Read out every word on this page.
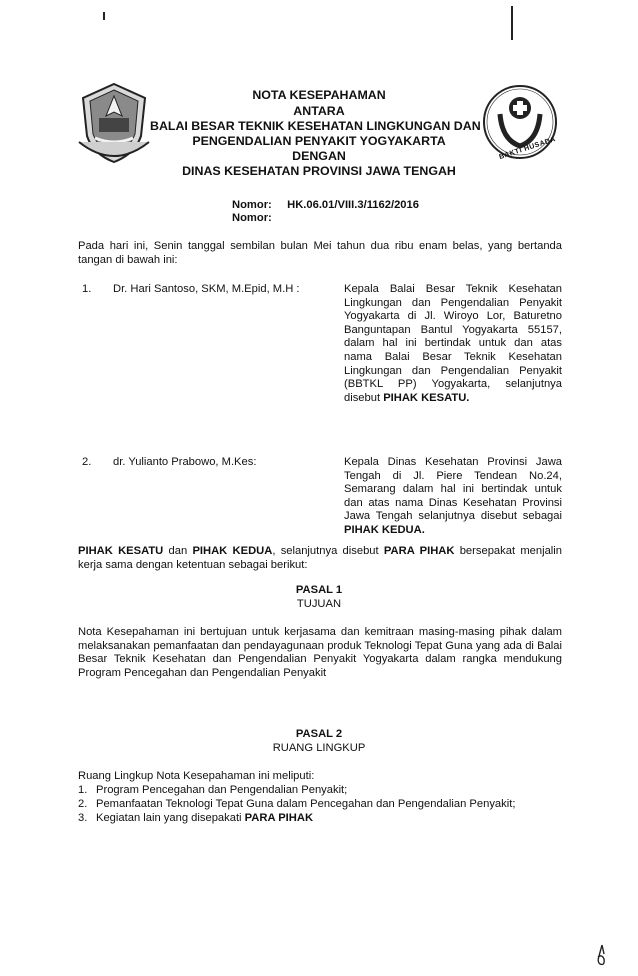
BAKTI HUSADA
NOTA KESEPAHAMAN
ANTARA
BALAI BESAR TEKNIK KESEHATAN LINGKUNGAN DAN
PENGENDALIAN PENYAKIT YOGYAKARTA
DENGAN
DINAS KESEHATAN PROVINSI JAWA TENGAH
Nomor: HK.06.01/VIII.3/1162/2016
Nomor:
Pada hari ini, Senin tanggal sembilan bulan Mei tahun dua ribu enam belas, yang bertanda tangan di bawah ini:
1. Dr. Hari Santoso, SKM, M.Epid, M.H :	Kepala Balai Besar Teknik Kesehatan Lingkungan dan Pengendalian Penyakit Yogyakarta di Jl. Wiroyo Lor, Baturetno Banguntapan Bantul Yogyakarta 55157, dalam hal ini bertindak untuk dan atas nama Balai Besar Teknik Kesehatan Lingkungan dan Pengendalian Penyakit (BBTKL PP) Yogyakarta, selanjutnya disebut PIHAK KESATU.
2. dr. Yulianto Prabowo, M.Kes:	Kepala Dinas Kesehatan Provinsi Jawa Tengah di Jl. Piere Tendean No.24, Semarang dalam hal ini bertindak untuk dan atas nama Dinas Kesehatan Provinsi Jawa Tengah selanjutnya disebut sebagai PIHAK KEDUA.
PIHAK KESATU dan PIHAK KEDUA, selanjutnya disebut PARA PIHAK bersepakat menjalin kerja sama dengan ketentuan sebagai berikut:
PASAL 1
TUJUAN
Nota Kesepahaman ini bertujuan untuk kerjasama dan kemitraan masing-masing pihak dalam melaksanakan pemanfaatan dan pendayagunaan produk Teknologi Tepat Guna yang ada di Balai Besar Teknik Kesehatan dan Pengendalian Penyakit Yogyakarta dalam rangka mendukung Program Pencegahan dan Pengendalian Penyakit
PASAL 2
RUANG LINGKUP
Ruang Lingkup Nota Kesepahaman ini meliputi:
1. Program Pencegahan dan Pengendalian Penyakit;
2. Pemanfaatan Teknologi Tepat Guna dalam Pencegahan dan Pengendalian Penyakit;
3. Kegiatan lain yang disepakati PARA PIHAK
